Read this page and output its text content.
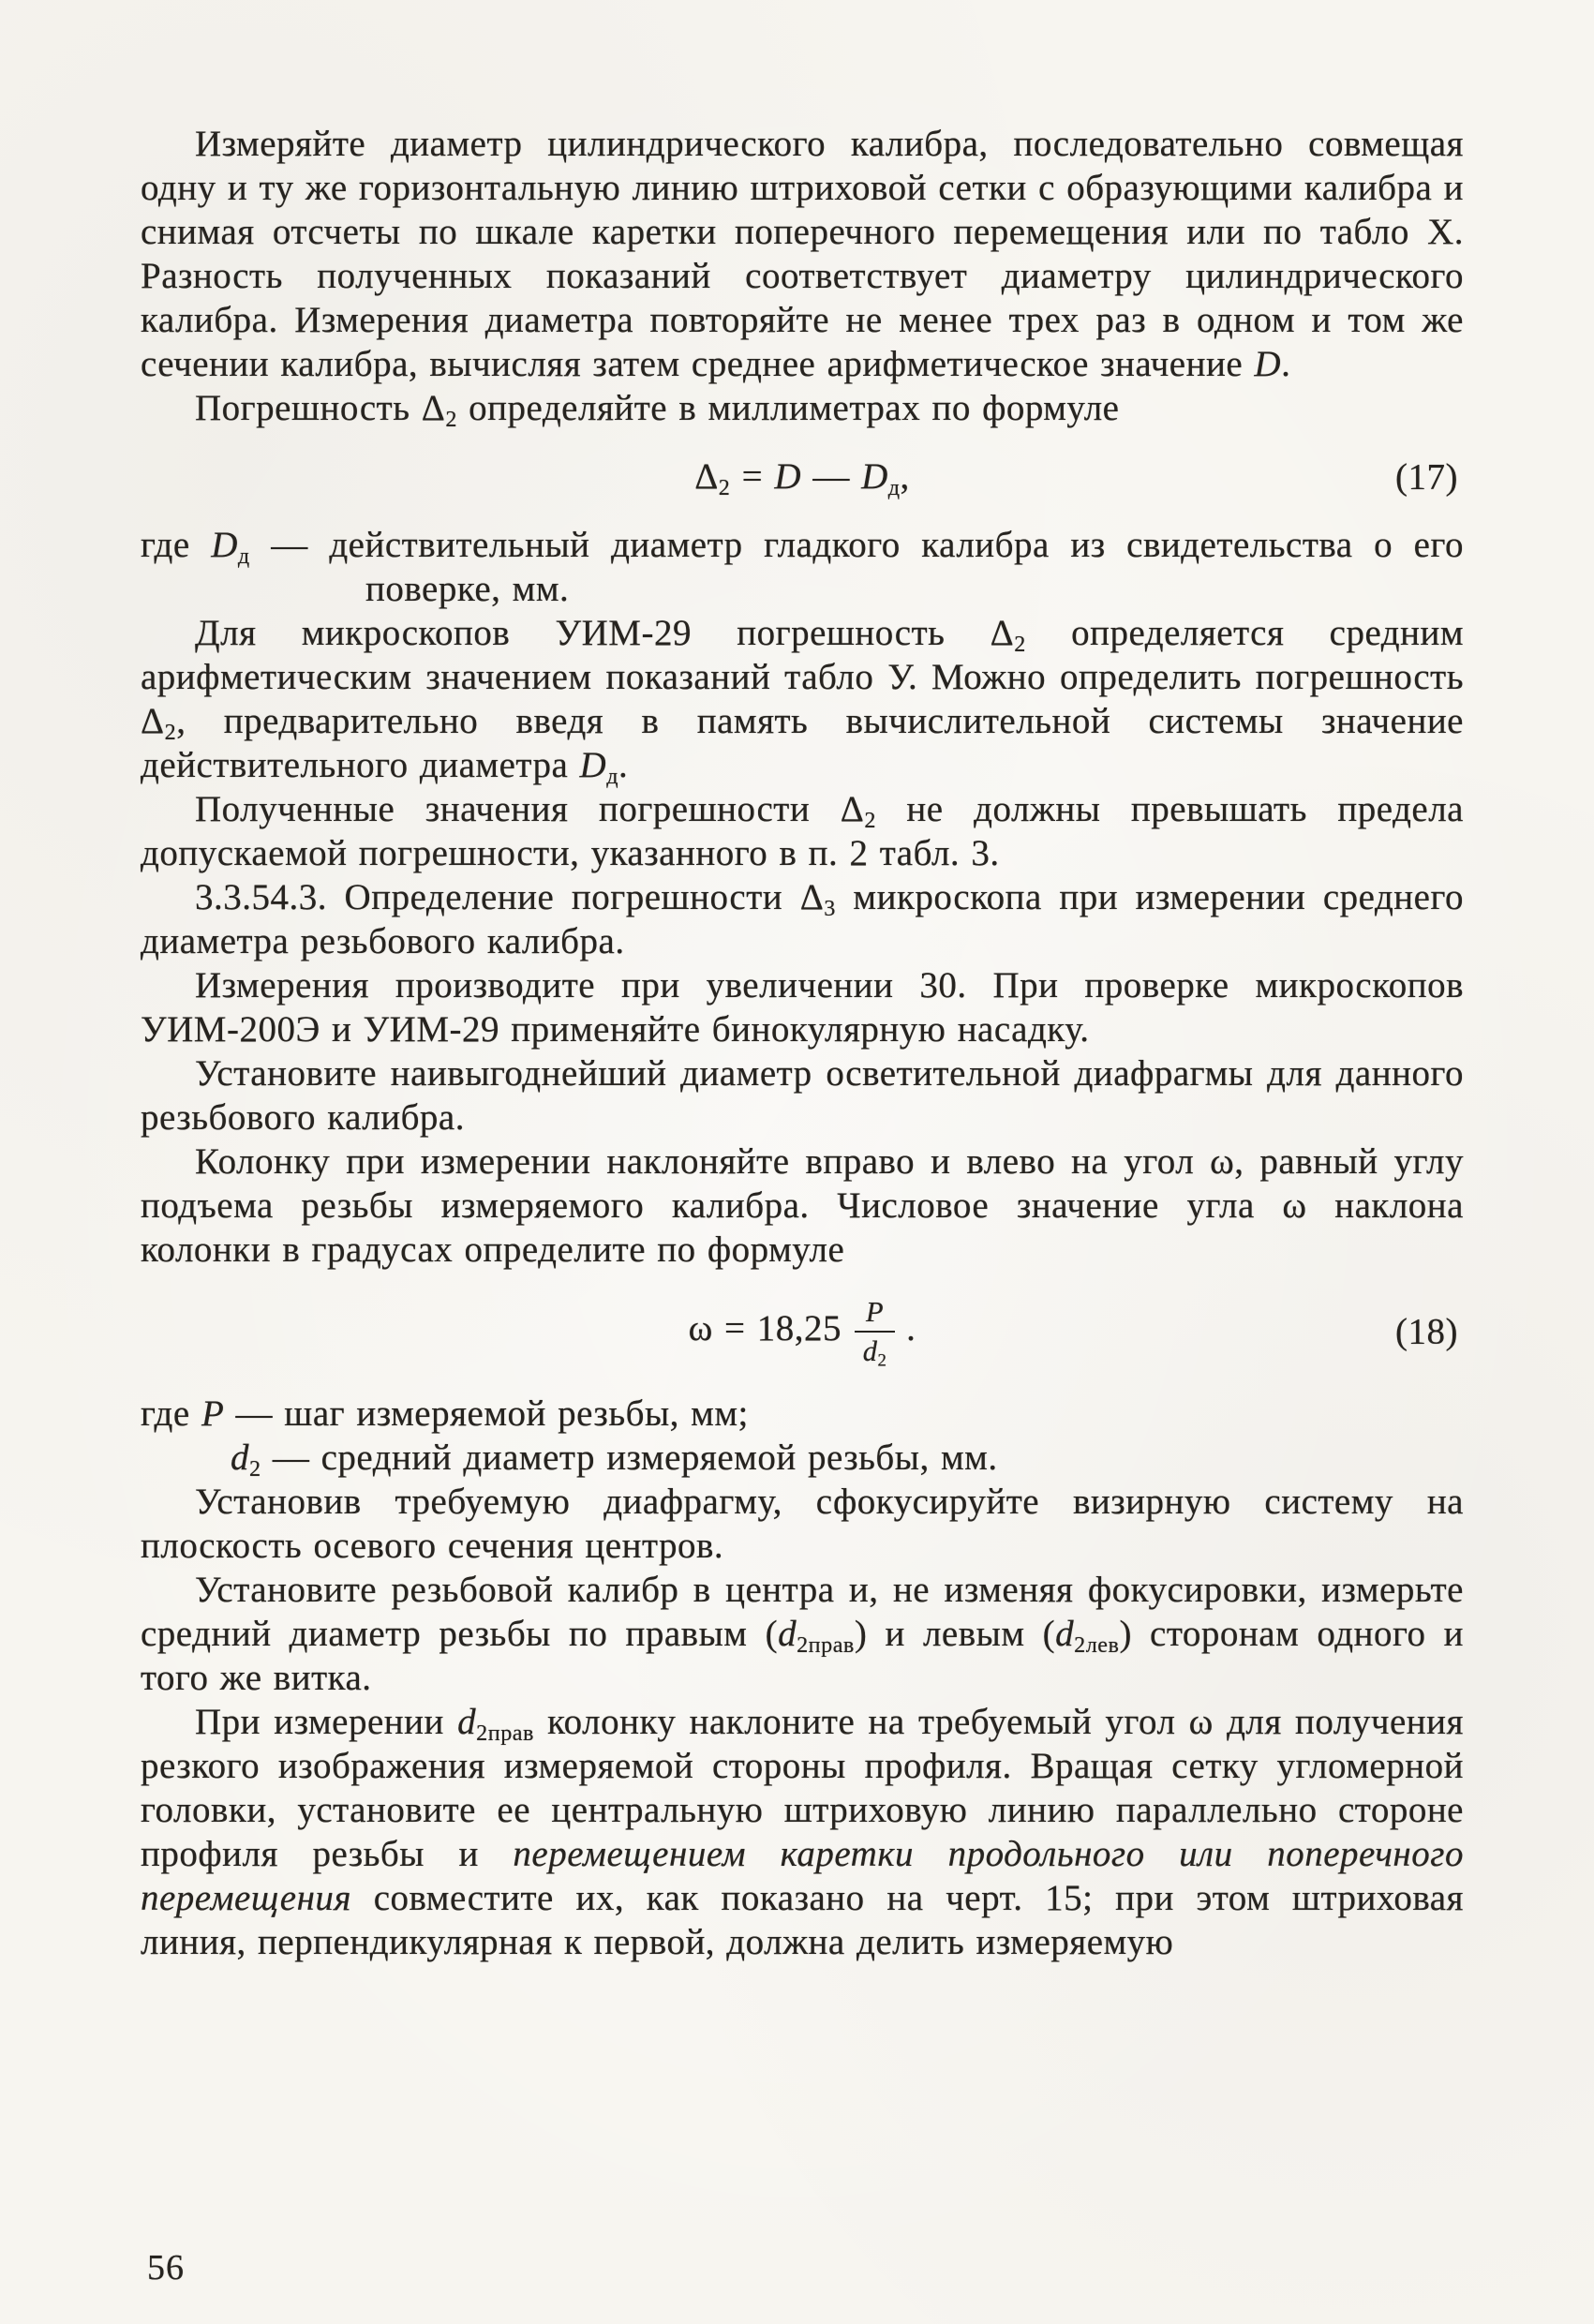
Измеряйте диаметр цилиндрического калибра, последовательно совмещая одну и ту же горизонтальную линию штриховой сетки с образующими калибра и снимая отсчеты по шкале каретки поперечного перемещения или по табло X. Разность полученных показаний соответствует диаметру цилиндрического калибра. Измерения диаметра повторяйте не менее трех раз в одном и том же сечении калибра, вычисляя затем среднее арифметическое значение D.

Погрешность $\Delta_2$ определяйте в миллиметрах по формуле

$\Delta_2 = D$ — $D_д$,	(17)

где $D_д$ — действительный диаметр гладкого калибра из свидетельства о его поверке, мм.

Для микроскопов УИМ-29 погрешность $\Delta_2$ определяется средним арифметическим значением показаний табло У. Можно определить погрешность $\Delta_2$, предварительно введя в память вычислительной системы значение действительного диаметра $D_д$.

Полученные значения погрешности $\Delta_2$ не должны превышать предела допускаемой погрешности, указанного в п. 2 табл. 3.

3.3.54.3. Определение погрешности $\Delta_3$ микроскопа при измерении среднего диаметра резьбового калибра.

Измерения производите при увеличении 30. При проверке микроскопов УИМ-200Э и УИМ-29 применяйте бинокулярную насадку.

Установите наивыгоднейший диаметр осветительной диафрагмы для данного резьбового калибра.

Колонку при измерении наклоняйте вправо и влево на угол ω, равный углу подъема резьбы измеряемого калибра. Числовое значение угла ω наклона колонки в градусах определите по формуле

$\omega = 18,25 \frac{P}{d_2}$ .	(18)
где P — шаг измеряемой резьбы, мм;
$d_2$ — средний диаметр измеряемой резьбы, мм.

Установив требуемую диафрагму, сфокусируйте визирную систему на плоскость осевого сечения центров.

Установите резьбовой калибр в центра и, не изменяя фокусировки, измерьте средний диаметр резьбы по правым $(d_{2прав})$ и левым $(d_{2лев})$ сторонам одного и того же витка.

При измерении $d_{2прав}$ колонку наклоните на требуемый угол ω для получения резкого изображения измеряемой стороны профиля. Вращая сетку угломерной головки, установите ее центральную штриховую линию параллельно стороне профиля резьбы и перемещением каретки продольного или поперечного перемещения совместите их, как показано на черт. 15; при этом штриховая линия, перпендикулярная к первой, должна делить измеряемую

56
